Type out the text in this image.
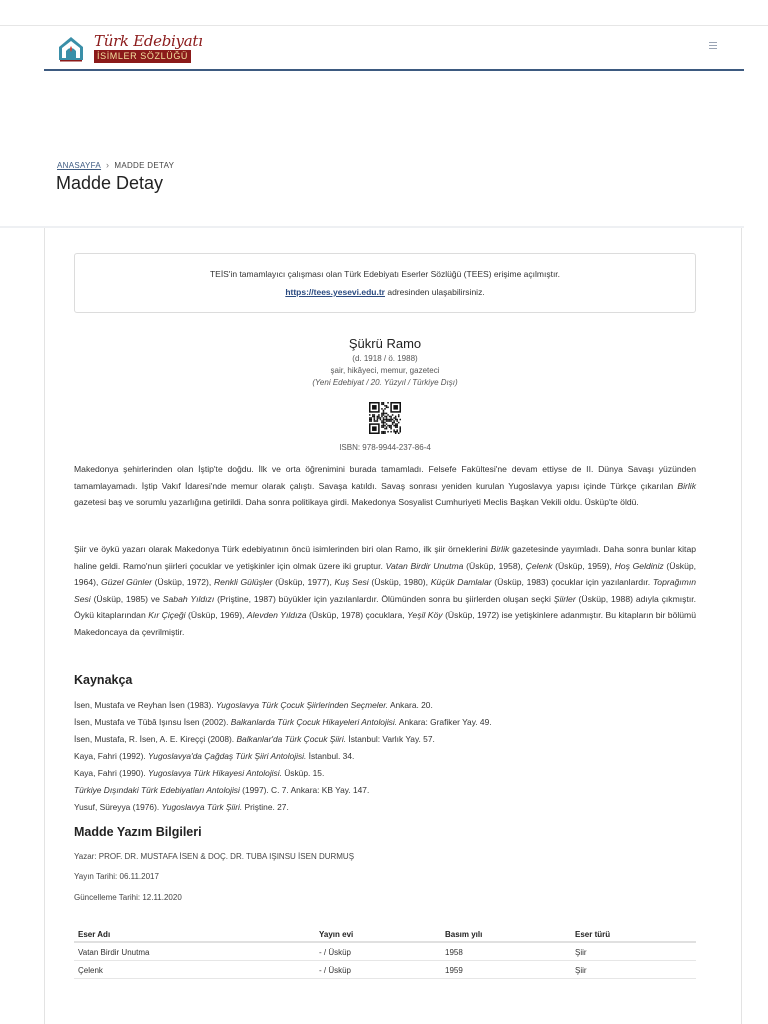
Türk Edebiyatı
İSİMLER SÖZLÜĞÜ
ANASAYFA › MADDE DETAY
Madde Detay
TEİS'in tamamlayıcı çalışması olan Türk Edebiyatı Eserler Sözlüğü (TEES) erişime açılmıştır.
https://tees.yesevi.edu.tr adresinden ulaşabilirsiniz.
Şükrü Ramo
(d. 1918 / ö. 1988)
şair, hikâyeci, memur, gazeteci
(Yeni Edebiyat / 20. Yüzyıl / Türkiye Dışı)
ISBN: 978-9944-237-86-4

Makedonya şehirlerinden olan İştip'te doğdu. İlk ve orta öğrenimini burada tamamladı. Felsefe Fakültesi'ne devam ettiyse de II. Dünya Savaşı yüzünden tamamlayamadı. İştip Vakıf İdaresi'nde memur olarak çalıştı. Savaşa katıldı. Savaş sonrası yeniden kurulan Yugoslavya yapısı içinde Türkçe çıkarılan Birlik gazetesi baş ve sorumlu yazarlığına getirildi. Daha sonra politikaya girdi. Makedonya Sosyalist Cumhuriyeti Meclis Başkan Vekili oldu. Üsküp'te öldü.

Şiir ve öykü yazarı olarak Makedonya Türk edebiyatının öncü isimlerinden biri olan Ramo, ilk şiir örneklerini Birlik gazetesinde yayımladı. Daha sonra bunlar kitap haline geldi. Ramo'nun şiirleri çocuklar ve yetişkinler için olmak üzere iki gruptur. Vatan Birdir Unutma (Üsküp, 1958), Çelenk (Üsküp, 1959), Hoş Geldiniz (Üsküp, 1964), Güzel Günler (Üsküp, 1972), Renkli Gülüşler (Üsküp, 1977), Kuş Sesi (Üsküp, 1980), Küçük Damlalar (Üsküp, 1983) çocuklar için yazılanlardır. Toprağımın Sesi (Üsküp, 1985) ve Sabah Yıldızı (Priştine, 1987) büyükler için yazılanlardır. Ölümünden sonra bu şiirlerden oluşan seçki Şiirler (Üsküp, 1988) adıyla çıkmıştır. Öykü kitaplarından Kır Çiçeği (Üsküp, 1969), Alevden Yıldıza (Üsküp, 1978) çocuklara, Yeşil Köy (Üsküp, 1972) ise yetişkinlere adanmıştır. Bu kitapların bir bölümü Makedoncaya da çevrilmiştir.

Kaynakça
İsen, Mustafa ve Reyhan İsen (1983). Yugoslavya Türk Çocuk Şiirlerinden Seçmeler. Ankara. 20.
İsen, Mustafa ve Tübâ Işınsu İsen (2002). Balkanlarda Türk Çocuk Hikayeleri Antolojisi. Ankara: Grafiker Yay. 49.
İsen, Mustafa, R. İsen, A. E. Kireççi (2008). Balkanlar'da Türk Çocuk Şiiri. İstanbul: Varlık Yay. 57.
Kaya, Fahri (1992). Yugoslavya'da Çağdaş Türk Şiiri Antolojisi. İstanbul. 34.
Kaya, Fahri (1990). Yugoslavya Türk Hikayesi Antolojisi. Üsküp. 15.
Türkiye Dışındaki Türk Edebiyatları Antolojisi (1997). C. 7. Ankara: KB Yay. 147.
Yusuf, Süreyya (1976). Yugoslavya Türk Şiiri. Priştine. 27.
Madde Yazım Bilgileri
Yazar: PROF. DR. MUSTAFA İSEN & DOÇ. DR. TUBA IŞINSU İSEN DURMUŞ
Yayın Tarihi: 06.11.2017
Güncelleme Tarihi: 12.11.2020
Eser Adı	Yayın evi	Basım yılı	Eser türü
Vatan Birdir Unutma	- / Üsküp	1958	Şiir
Çelenk	- / Üsküp	1959	Şiir
